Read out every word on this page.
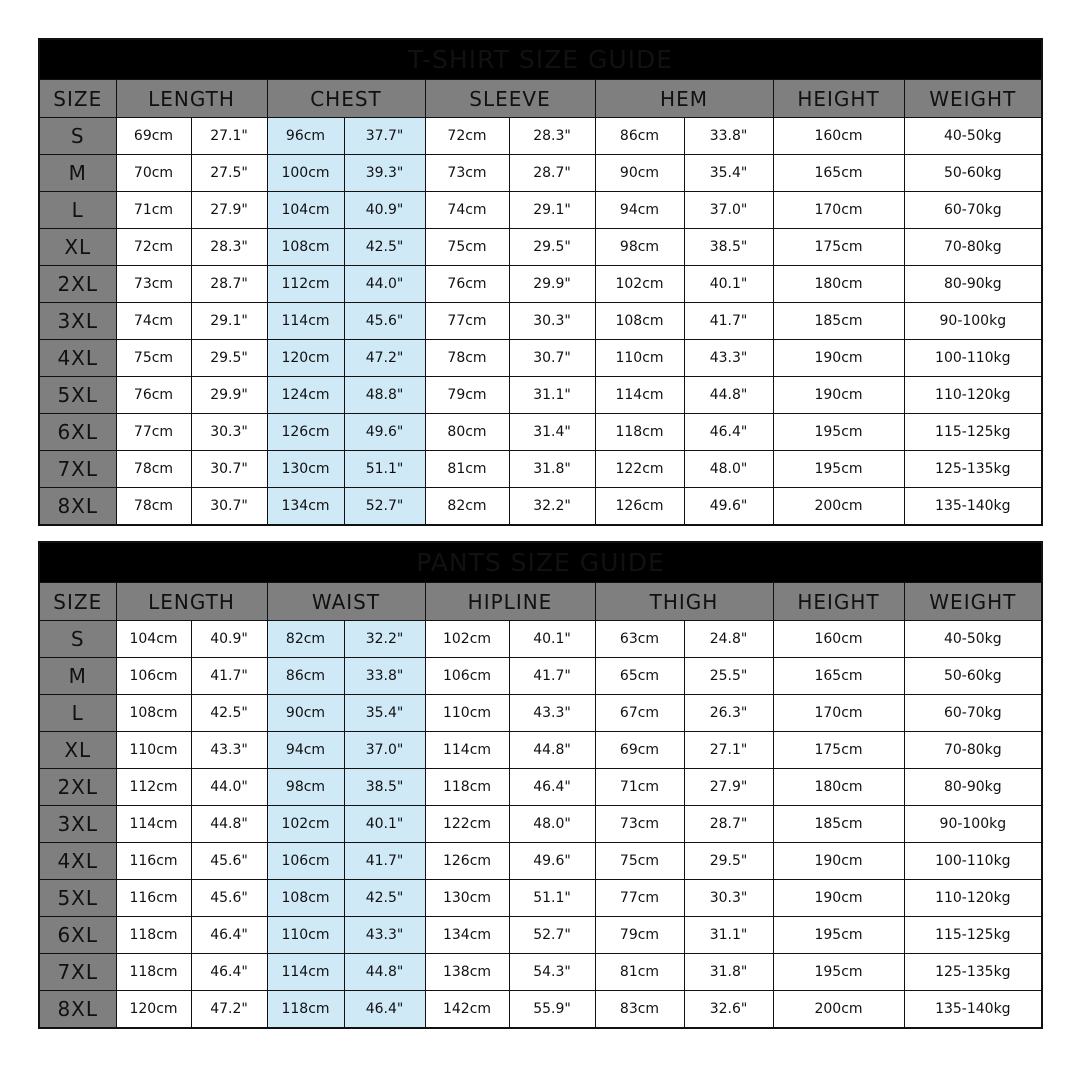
T-SHIRT SIZE GUIDE										
SIZE	LENGTH		CHEST		SLEEVE		HEM		HEIGHT	WEIGHT
S	69cm	27.1"	96cm	37.7"	72cm	28.3"	86cm	33.8"	160cm	40-50kg
M	70cm	27.5"	100cm	39.3"	73cm	28.7"	90cm	35.4"	165cm	50-60kg
L	71cm	27.9"	104cm	40.9"	74cm	29.1"	94cm	37.0"	170cm	60-70kg
XL	72cm	28.3"	108cm	42.5"	75cm	29.5"	98cm	38.5"	175cm	70-80kg
2XL	73cm	28.7"	112cm	44.0"	76cm	29.9"	102cm	40.1"	180cm	80-90kg
3XL	74cm	29.1"	114cm	45.6"	77cm	30.3"	108cm	41.7"	185cm	90-100kg
4XL	75cm	29.5"	120cm	47.2"	78cm	30.7"	110cm	43.3"	190cm	100-110kg
5XL	76cm	29.9"	124cm	48.8"	79cm	31.1"	114cm	44.8"	190cm	110-120kg
6XL	77cm	30.3"	126cm	49.6"	80cm	31.4"	118cm	46.4"	195cm	115-125kg
7XL	78cm	30.7"	130cm	51.1"	81cm	31.8"	122cm	48.0"	195cm	125-135kg
8XL	78cm	30.7"	134cm	52.7"	82cm	32.2"	126cm	49.6"	200cm	135-140kg
PANTS SIZE GUIDE										
SIZE	LENGTH		WAIST		HIPLINE		THIGH		HEIGHT	WEIGHT
S	104cm	40.9"	82cm	32.2"	102cm	40.1"	63cm	24.8"	160cm	40-50kg
M	106cm	41.7"	86cm	33.8"	106cm	41.7"	65cm	25.5"	165cm	50-60kg
L	108cm	42.5"	90cm	35.4"	110cm	43.3"	67cm	26.3"	170cm	60-70kg
XL	110cm	43.3"	94cm	37.0"	114cm	44.8"	69cm	27.1"	175cm	70-80kg
2XL	112cm	44.0"	98cm	38.5"	118cm	46.4"	71cm	27.9"	180cm	80-90kg
3XL	114cm	44.8"	102cm	40.1"	122cm	48.0"	73cm	28.7"	185cm	90-100kg
4XL	116cm	45.6"	106cm	41.7"	126cm	49.6"	75cm	29.5"	190cm	100-110kg
5XL	116cm	45.6"	108cm	42.5"	130cm	51.1"	77cm	30.3"	190cm	110-120kg
6XL	118cm	46.4"	110cm	43.3"	134cm	52.7"	79cm	31.1"	195cm	115-125kg
7XL	118cm	46.4"	114cm	44.8"	138cm	54.3"	81cm	31.8"	195cm	125-135kg
8XL	120cm	47.2"	118cm	46.4"	142cm	55.9"	83cm	32.6"	200cm	135-140kg
